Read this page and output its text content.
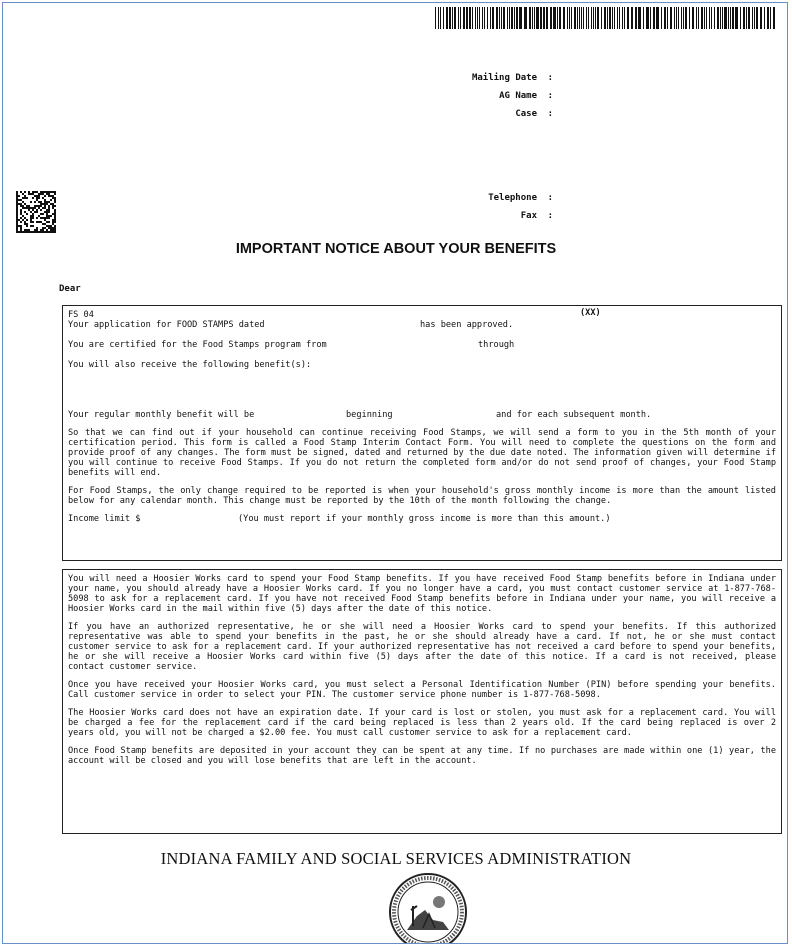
Mailing Date	:
AG Name	:
Case	:
Telephone	:
Fax	:
IMPORTANT NOTICE ABOUT YOUR BENEFITS
Dear
FS 04	(XX)
Your application for FOOD STAMPS dated	has been approved.
You are certified for the Food Stamps program from	through
You will also receive the following benefit(s):
Your regular monthly benefit will be	beginning	and for each subsequent month.

So that we can find out if your household can continue receiving Food Stamps, we will send a form to you in the 5th month of your certification period. This form is called a Food Stamp Interim Contact Form. You will need to complete the questions on the form and provide proof of any changes. The form must be signed, dated and returned by the due date noted. The information given will determine if you will continue to receive Food Stamps. If you do not return the completed form and/or do not send proof of changes, your Food Stamp benefits will end.

For Food Stamps, the only change required to be reported is when your household's gross monthly income is more than the amount listed below for any calendar month. This change must be reported by the 10th of the month following the change.

Income limit $	(You must report if your monthly gross income is more than this amount.)

You will need a Hoosier Works card to spend your Food Stamp benefits. If you have received Food Stamp benefits before in Indiana under your name, you should already have a Hoosier Works card. If you no longer have a card, you must contact customer service at 1-877-768-5098 to ask for a replacement card. If you have not received Food Stamp benefits before in Indiana under your name, you will receive a Hoosier Works card in the mail within five (5) days after the date of this notice.

If you have an authorized representative, he or she will need a Hoosier Works card to spend your benefits. If this authorized representative was able to spend your benefits in the past, he or she should already have a card. If not, he or she must contact customer service to ask for a replacement card. If your authorized representative has not received a card before to spend your benefits, he or she will receive a Hoosier Works card within five (5) days after the date of this notice. If a card is not received, please contact customer service.

Once you have received your Hoosier Works card, you must select a Personal Identification Number (PIN) before spending your benefits. Call customer service in order to select your PIN. The customer service phone number is 1-877-768-5098.

The Hoosier Works card does not have an expiration date. If your card is lost or stolen, you must ask for a replacement card. You will be charged a fee for the replacement card if the card being replaced is less than 2 years old. If the card being replaced is over 2 years old, you will not be charged a $2.00 fee. You must call customer service to ask for a replacement card.

Once Food Stamp benefits are deposited in your account they can be spent at any time. If no purchases are made within one (1) year, the account will be closed and you will lose benefits that are left in the account.

INDIANA FAMILY AND SOCIAL SERVICES ADMINISTRATION
